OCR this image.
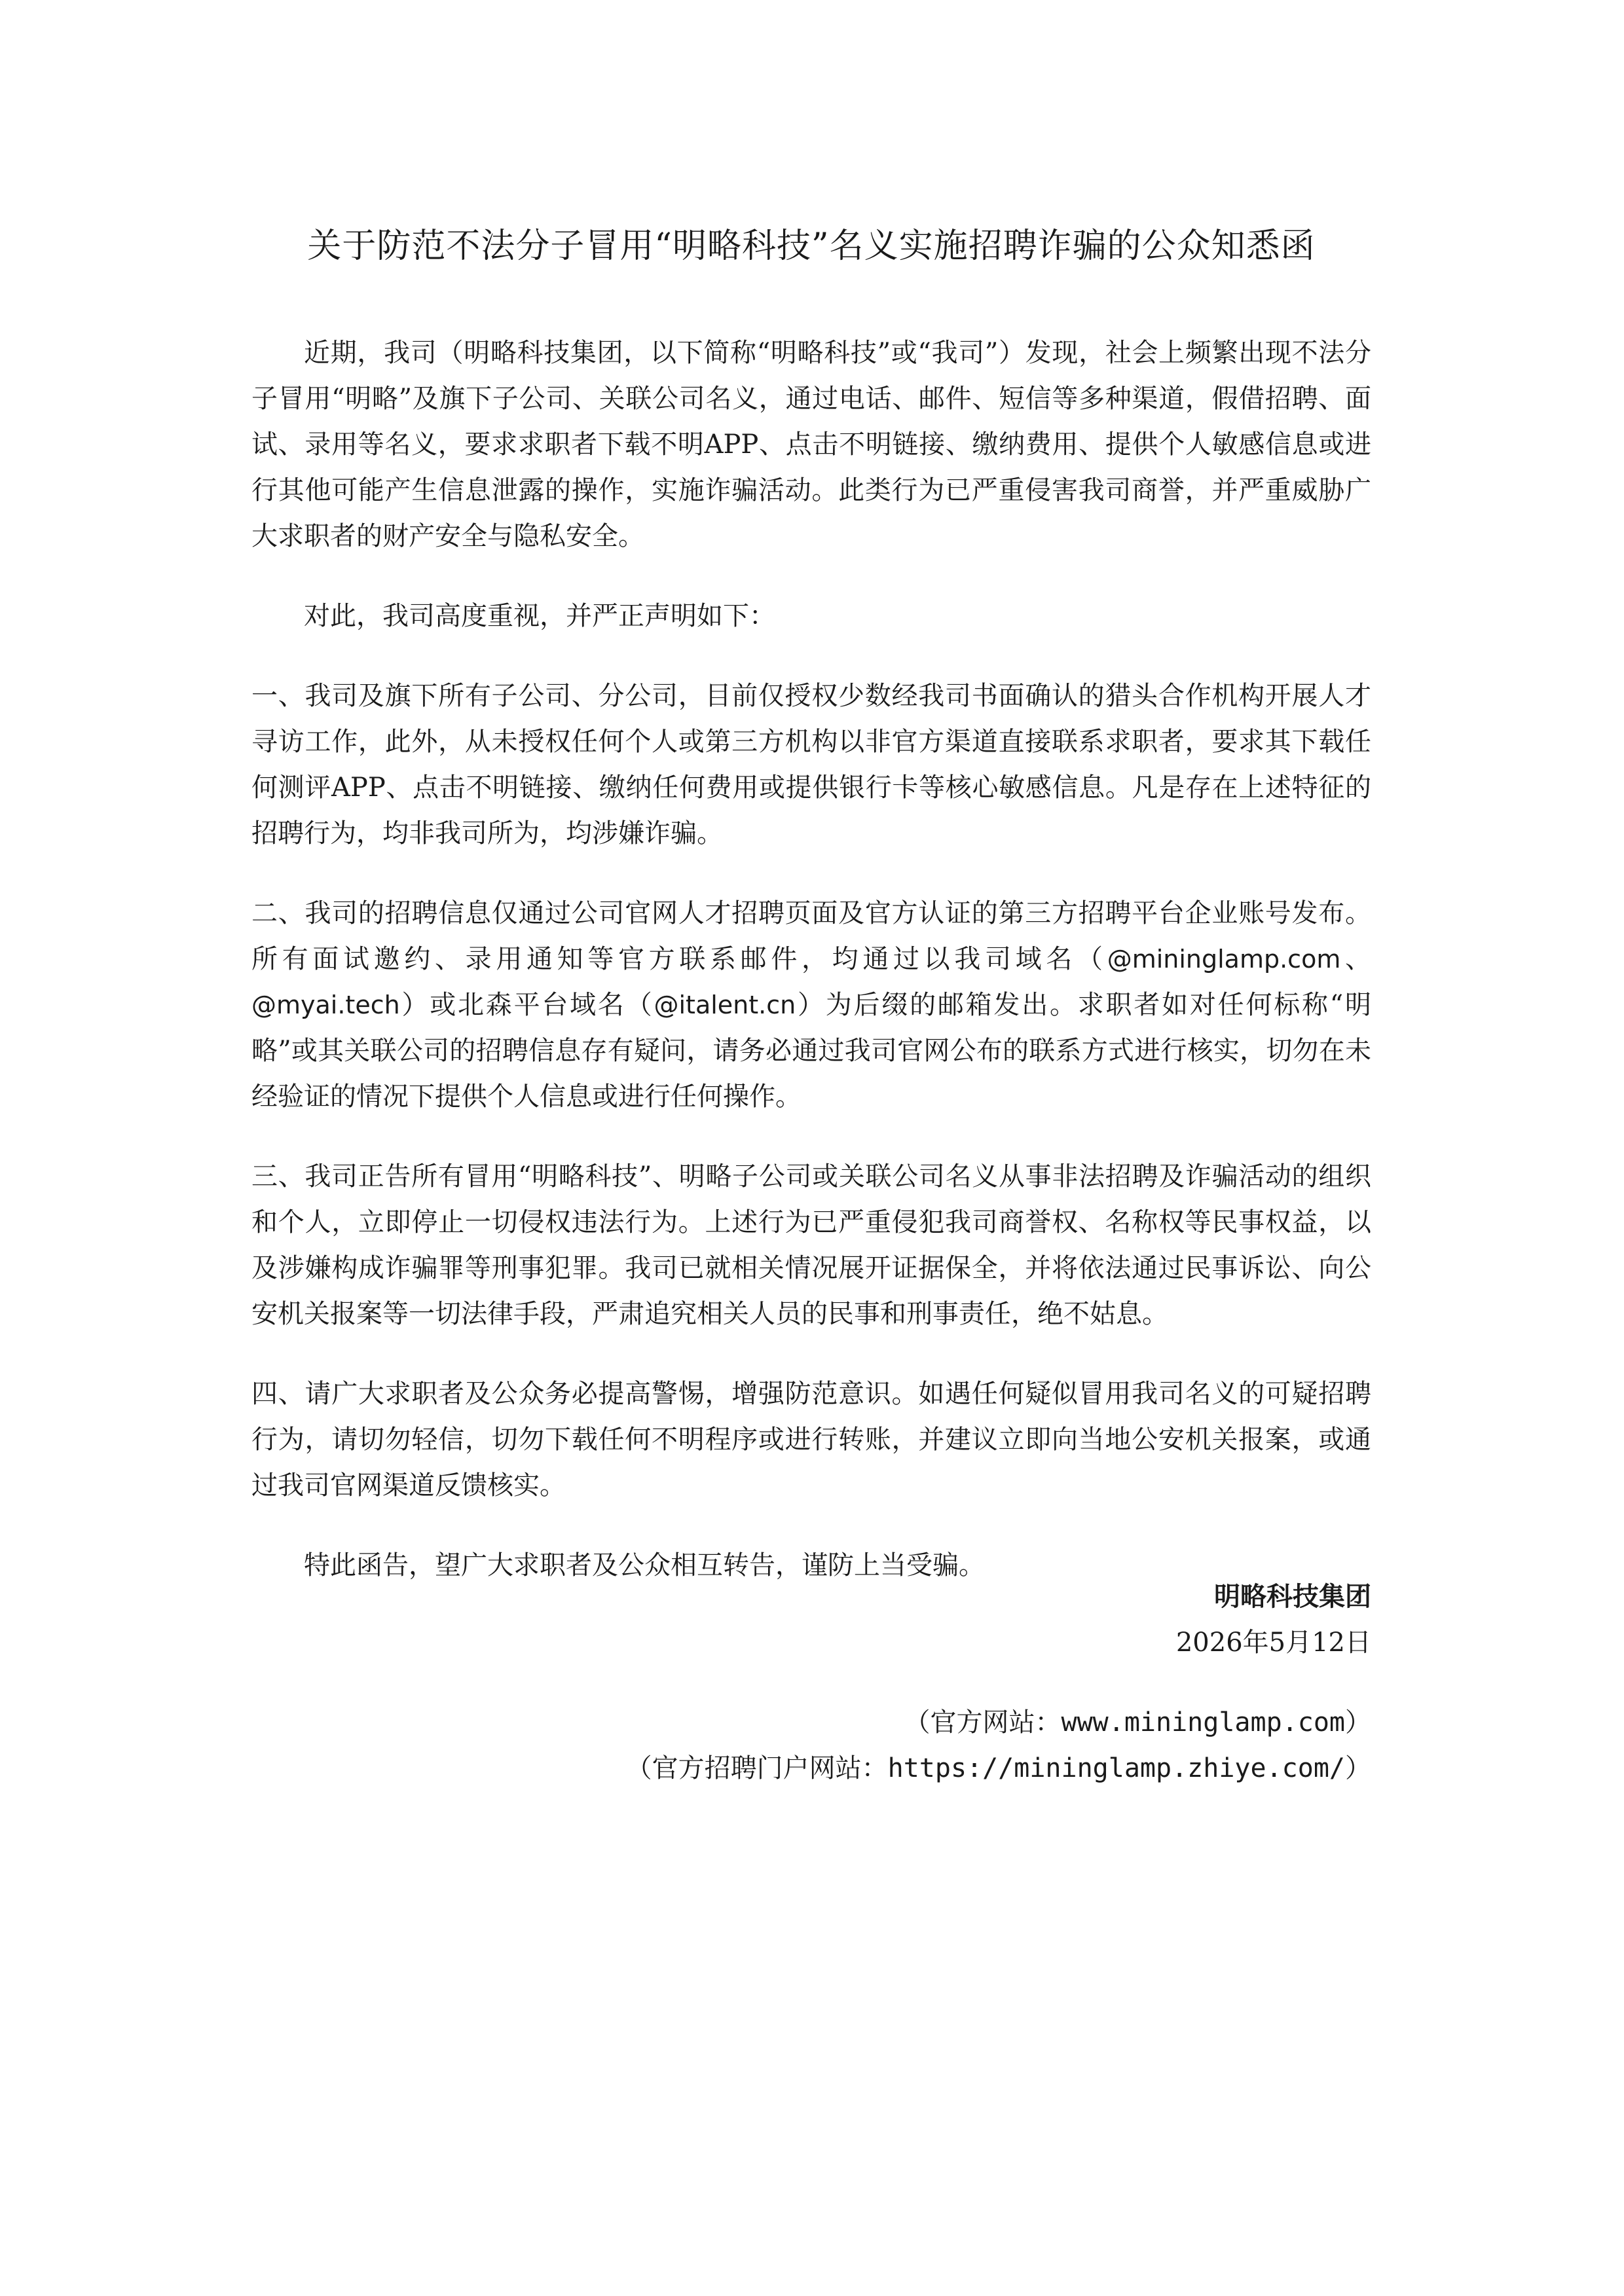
关于防范不法分子冒用“明略科技”名义实施招聘诈骗的公众知悉函

近期，我司（明略科技集团，以下简称“明略科技”或“我司”）发现，社会上频繁出现不法分子冒用“明略”及旗下子公司、关联公司名义，通过电话、邮件、短信等多种渠道，假借招聘、面试、录用等名义，要求求职者下载不明APP、点击不明链接、缴纳费用、提供个人敏感信息或进行其他可能产生信息泄露的操作，实施诈骗活动。此类行为已严重侵害我司商誉，并严重威胁广大求职者的财产安全与隐私安全。

对此，我司高度重视，并严正声明如下：

一、我司及旗下所有子公司、分公司，目前仅授权少数经我司书面确认的猎头合作机构开展人才寻访工作，此外，从未授权任何个人或第三方机构以非官方渠道直接联系求职者，要求其下载任何测评APP、点击不明链接、缴纳任何费用或提供银行卡等核心敏感信息。凡是存在上述特征的招聘行为，均非我司所为，均涉嫌诈骗。

二、我司的招聘信息仅通过公司官网人才招聘页面及官方认证的第三方招聘平台企业账号发布。所有面试邀约、录用通知等官方联系邮件，均通过以我司域名（@mininglamp.com、@myai.tech）或北森平台域名（@italent.cn）为后缀的邮箱发出。求职者如对任何标称“明略”或其关联公司的招聘信息存有疑问，请务必通过我司官网公布的联系方式进行核实，切勿在未经验证的情况下提供个人信息或进行任何操作。

三、我司正告所有冒用“明略科技”、明略子公司或关联公司名义从事非法招聘及诈骗活动的组织和个人，立即停止一切侵权违法行为。上述行为已严重侵犯我司商誉权、名称权等民事权益，以及涉嫌构成诈骗罪等刑事犯罪。我司已就相关情况展开证据保全，并将依法通过民事诉讼、向公安机关报案等一切法律手段，严肃追究相关人员的民事和刑事责任，绝不姑息。

四、请广大求职者及公众务必提高警惕，增强防范意识。如遇任何疑似冒用我司名义的可疑招聘行为，请切勿轻信，切勿下载任何不明程序或进行转账，并建议立即向当地公安机关报案，或通过我司官网渠道反馈核实。

特此函告，望广大求职者及公众相互转告，谨防上当受骗。

明略科技集团
2026年5月12日
（官方网站：www.mininglamp.com）
（官方招聘门户网站：https://mininglamp.zhiye.com/）
